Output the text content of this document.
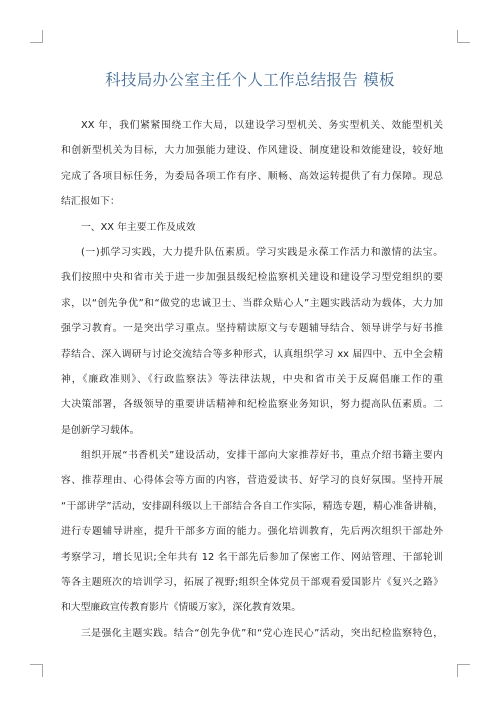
科技局办公室主任个人工作总结报告 模板
XX 年，我们紧紧围绕工作大局，以建设学习型机关、务实型机关、效能型机关
和创新型机关为目标，大力加强能力建设、作风建设、制度建设和效能建设，较好地
完成了各项目标任务，为委局各项工作有序、顺畅、高效运转提供了有力保障。现总
结汇报如下：
一、XX 年主要工作及成效
(一)抓学习实践，大力提升队伍素质。学习实践是永葆工作活力和激情的法宝。
我们按照中央和省市关于进一步加强县级纪检监察机关建设和建设学习型党组织的要
求，以“创先争优”和“做党的忠诚卫士、当群众贴心人”主题实践活动为载体，大力加
强学习教育。一是突出学习重点。坚持精读原文与专题辅导结合、领导讲学与好书推
荐结合、深入调研与讨论交流结合等多种形式，认真组织学习 xx 届四中、五中全会精
神，《廉政准则》、《行政监察法》等法律法规，中央和省市关于反腐倡廉工作的重
大决策部署，各级领导的重要讲话精神和纪检监察业务知识，努力提高队伍素质。二
是创新学习载体。
组织开展“书香机关”建设活动，安排干部向大家推荐好书，重点介绍书籍主要内
容、推荐理由、心得体会等方面的内容，营造爱读书、好学习的良好氛围。坚持开展
“干部讲学”活动，安排副科级以上干部结合各自工作实际，精选专题，精心准备讲稿，
进行专题辅导讲座，提升干部多方面的能力。强化培训教育，先后两次组织干部赴外
考察学习，增长见识;全年共有 12 名干部先后参加了保密工作、网站管理、干部轮训
等各主题班次的培训学习，拓展了视野;组织全体党员干部观看爱国影片《复兴之路》
和大型廉政宣传教育影片《情暖万家》，深化教育效果。
三是强化主题实践。结合“创先争优”和“党心连民心”活动，突出纪检监察特色，
